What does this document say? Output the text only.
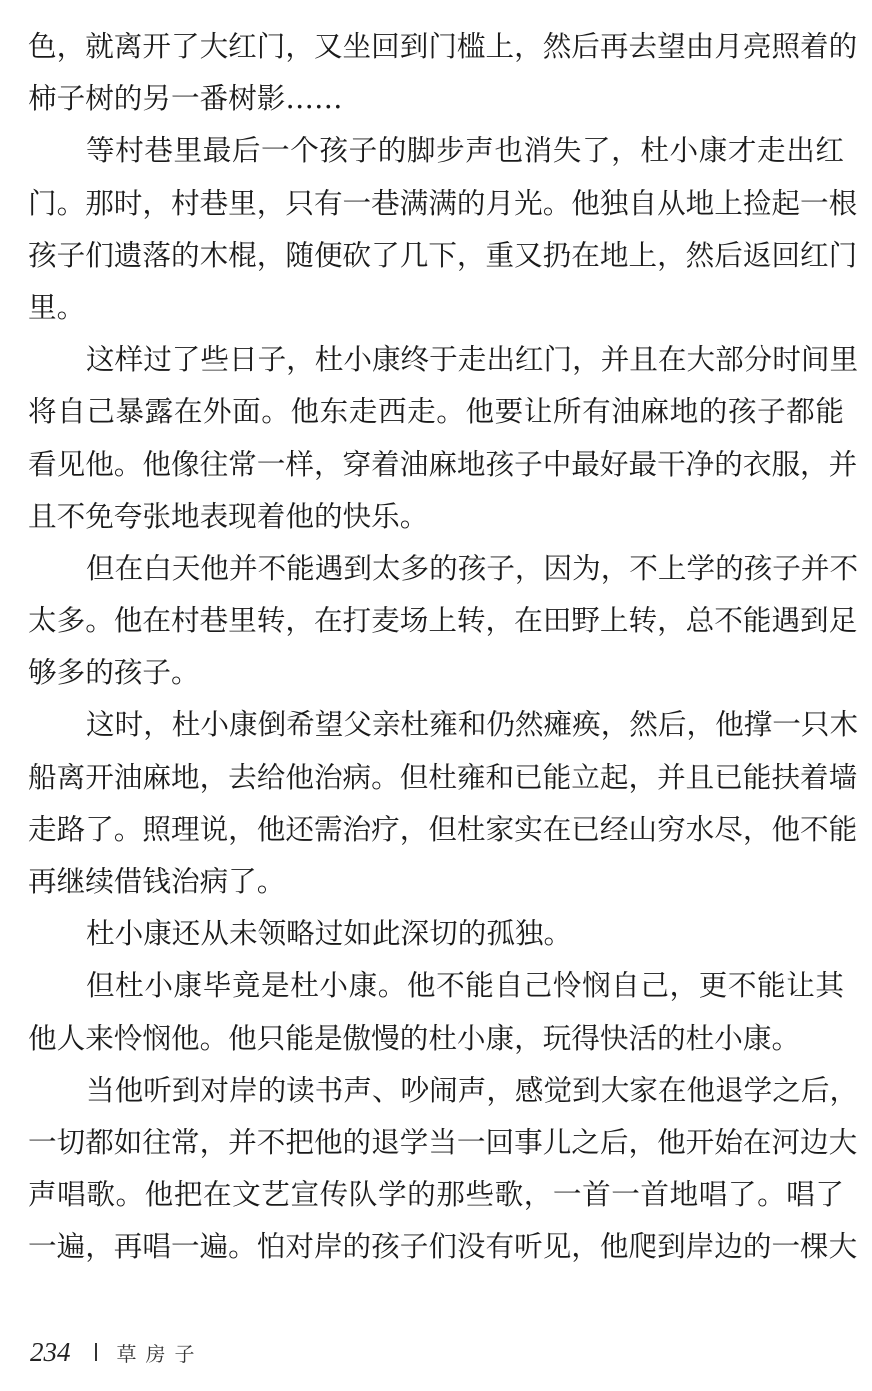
色，就离开了大红门，又坐回到门槛上，然后再去望由月亮照着的
柿子树的另一番树影……
等村巷里最后一个孩子的脚步声也消失了，杜小康才走出红
门。那时，村巷里，只有一巷满满的月光。他独自从地上捡起一根
孩子们遗落的木棍，随便砍了几下，重又扔在地上，然后返回红门
里。
这样过了些日子，杜小康终于走出红门，并且在大部分时间里
将自己暴露在外面。他东走西走。他要让所有油麻地的孩子都能
看见他。他像往常一样，穿着油麻地孩子中最好最干净的衣服，并
且不免夸张地表现着他的快乐。
但在白天他并不能遇到太多的孩子，因为，不上学的孩子并不
太多。他在村巷里转，在打麦场上转，在田野上转，总不能遇到足
够多的孩子。
这时，杜小康倒希望父亲杜雍和仍然瘫痪，然后，他撑一只木
船离开油麻地，去给他治病。但杜雍和已能立起，并且已能扶着墙
走路了。照理说，他还需治疗，但杜家实在已经山穷水尽，他不能
再继续借钱治病了。
杜小康还从未领略过如此深切的孤独。
但杜小康毕竟是杜小康。他不能自己怜悯自己，更不能让其
他人来怜悯他。他只能是傲慢的杜小康，玩得快活的杜小康。
当他听到对岸的读书声、吵闹声，感觉到大家在他退学之后，
一切都如往常，并不把他的退学当一回事儿之后，他开始在河边大
声唱歌。他把在文艺宣传队学的那些歌，一首一首地唱了。唱了
一遍，再唱一遍。怕对岸的孩子们没有听见，他爬到岸边的一棵大
234 草房子
